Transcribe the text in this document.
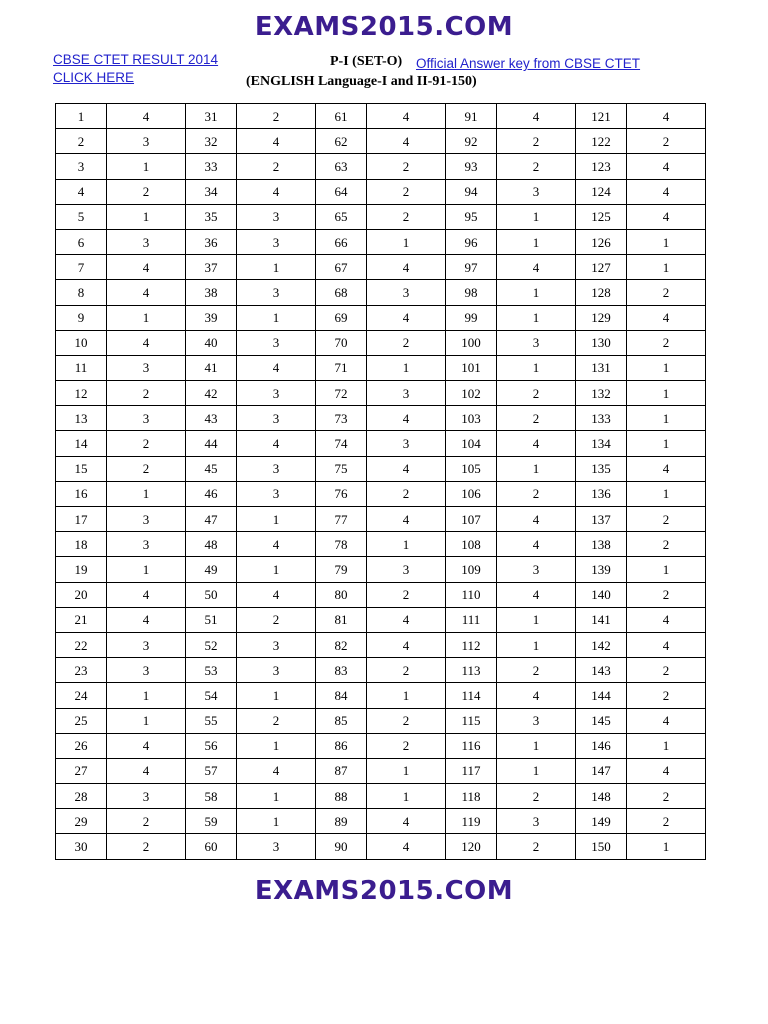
EXAMS2015.COM
CBSE CTET RESULT 2014
CLICK HERE
P-I (SET-O) Official Answer key from CBSE CTET
(ENGLISH Language-I and II-91-150)
1	4	31	2	61	4	91	4	121	4
2	3	32	4	62	4	92	2	122	2
3	1	33	2	63	2	93	2	123	4
4	2	34	4	64	2	94	3	124	4
5	1	35	3	65	2	95	1	125	4
6	3	36	3	66	1	96	1	126	1
7	4	37	1	67	4	97	4	127	1
8	4	38	3	68	3	98	1	128	2
9	1	39	1	69	4	99	1	129	4
10	4	40	3	70	2	100	3	130	2
11	3	41	4	71	1	101	1	131	1
12	2	42	3	72	3	102	2	132	1
13	3	43	3	73	4	103	2	133	1
14	2	44	4	74	3	104	4	134	1
15	2	45	3	75	4	105	1	135	4
16	1	46	3	76	2	106	2	136	1
17	3	47	1	77	4	107	4	137	2
18	3	48	4	78	1	108	4	138	2
19	1	49	1	79	3	109	3	139	1
20	4	50	4	80	2	110	4	140	2
21	4	51	2	81	4	111	1	141	4
22	3	52	3	82	4	112	1	142	4
23	3	53	3	83	2	113	2	143	2
24	1	54	1	84	1	114	4	144	2
25	1	55	2	85	2	115	3	145	4
26	4	56	1	86	2	116	1	146	1
27	4	57	4	87	1	117	1	147	4
28	3	58	1	88	1	118	2	148	2
29	2	59	1	89	4	119	3	149	2
30	2	60	3	90	4	120	2	150	1
EXAMS2015.COM
